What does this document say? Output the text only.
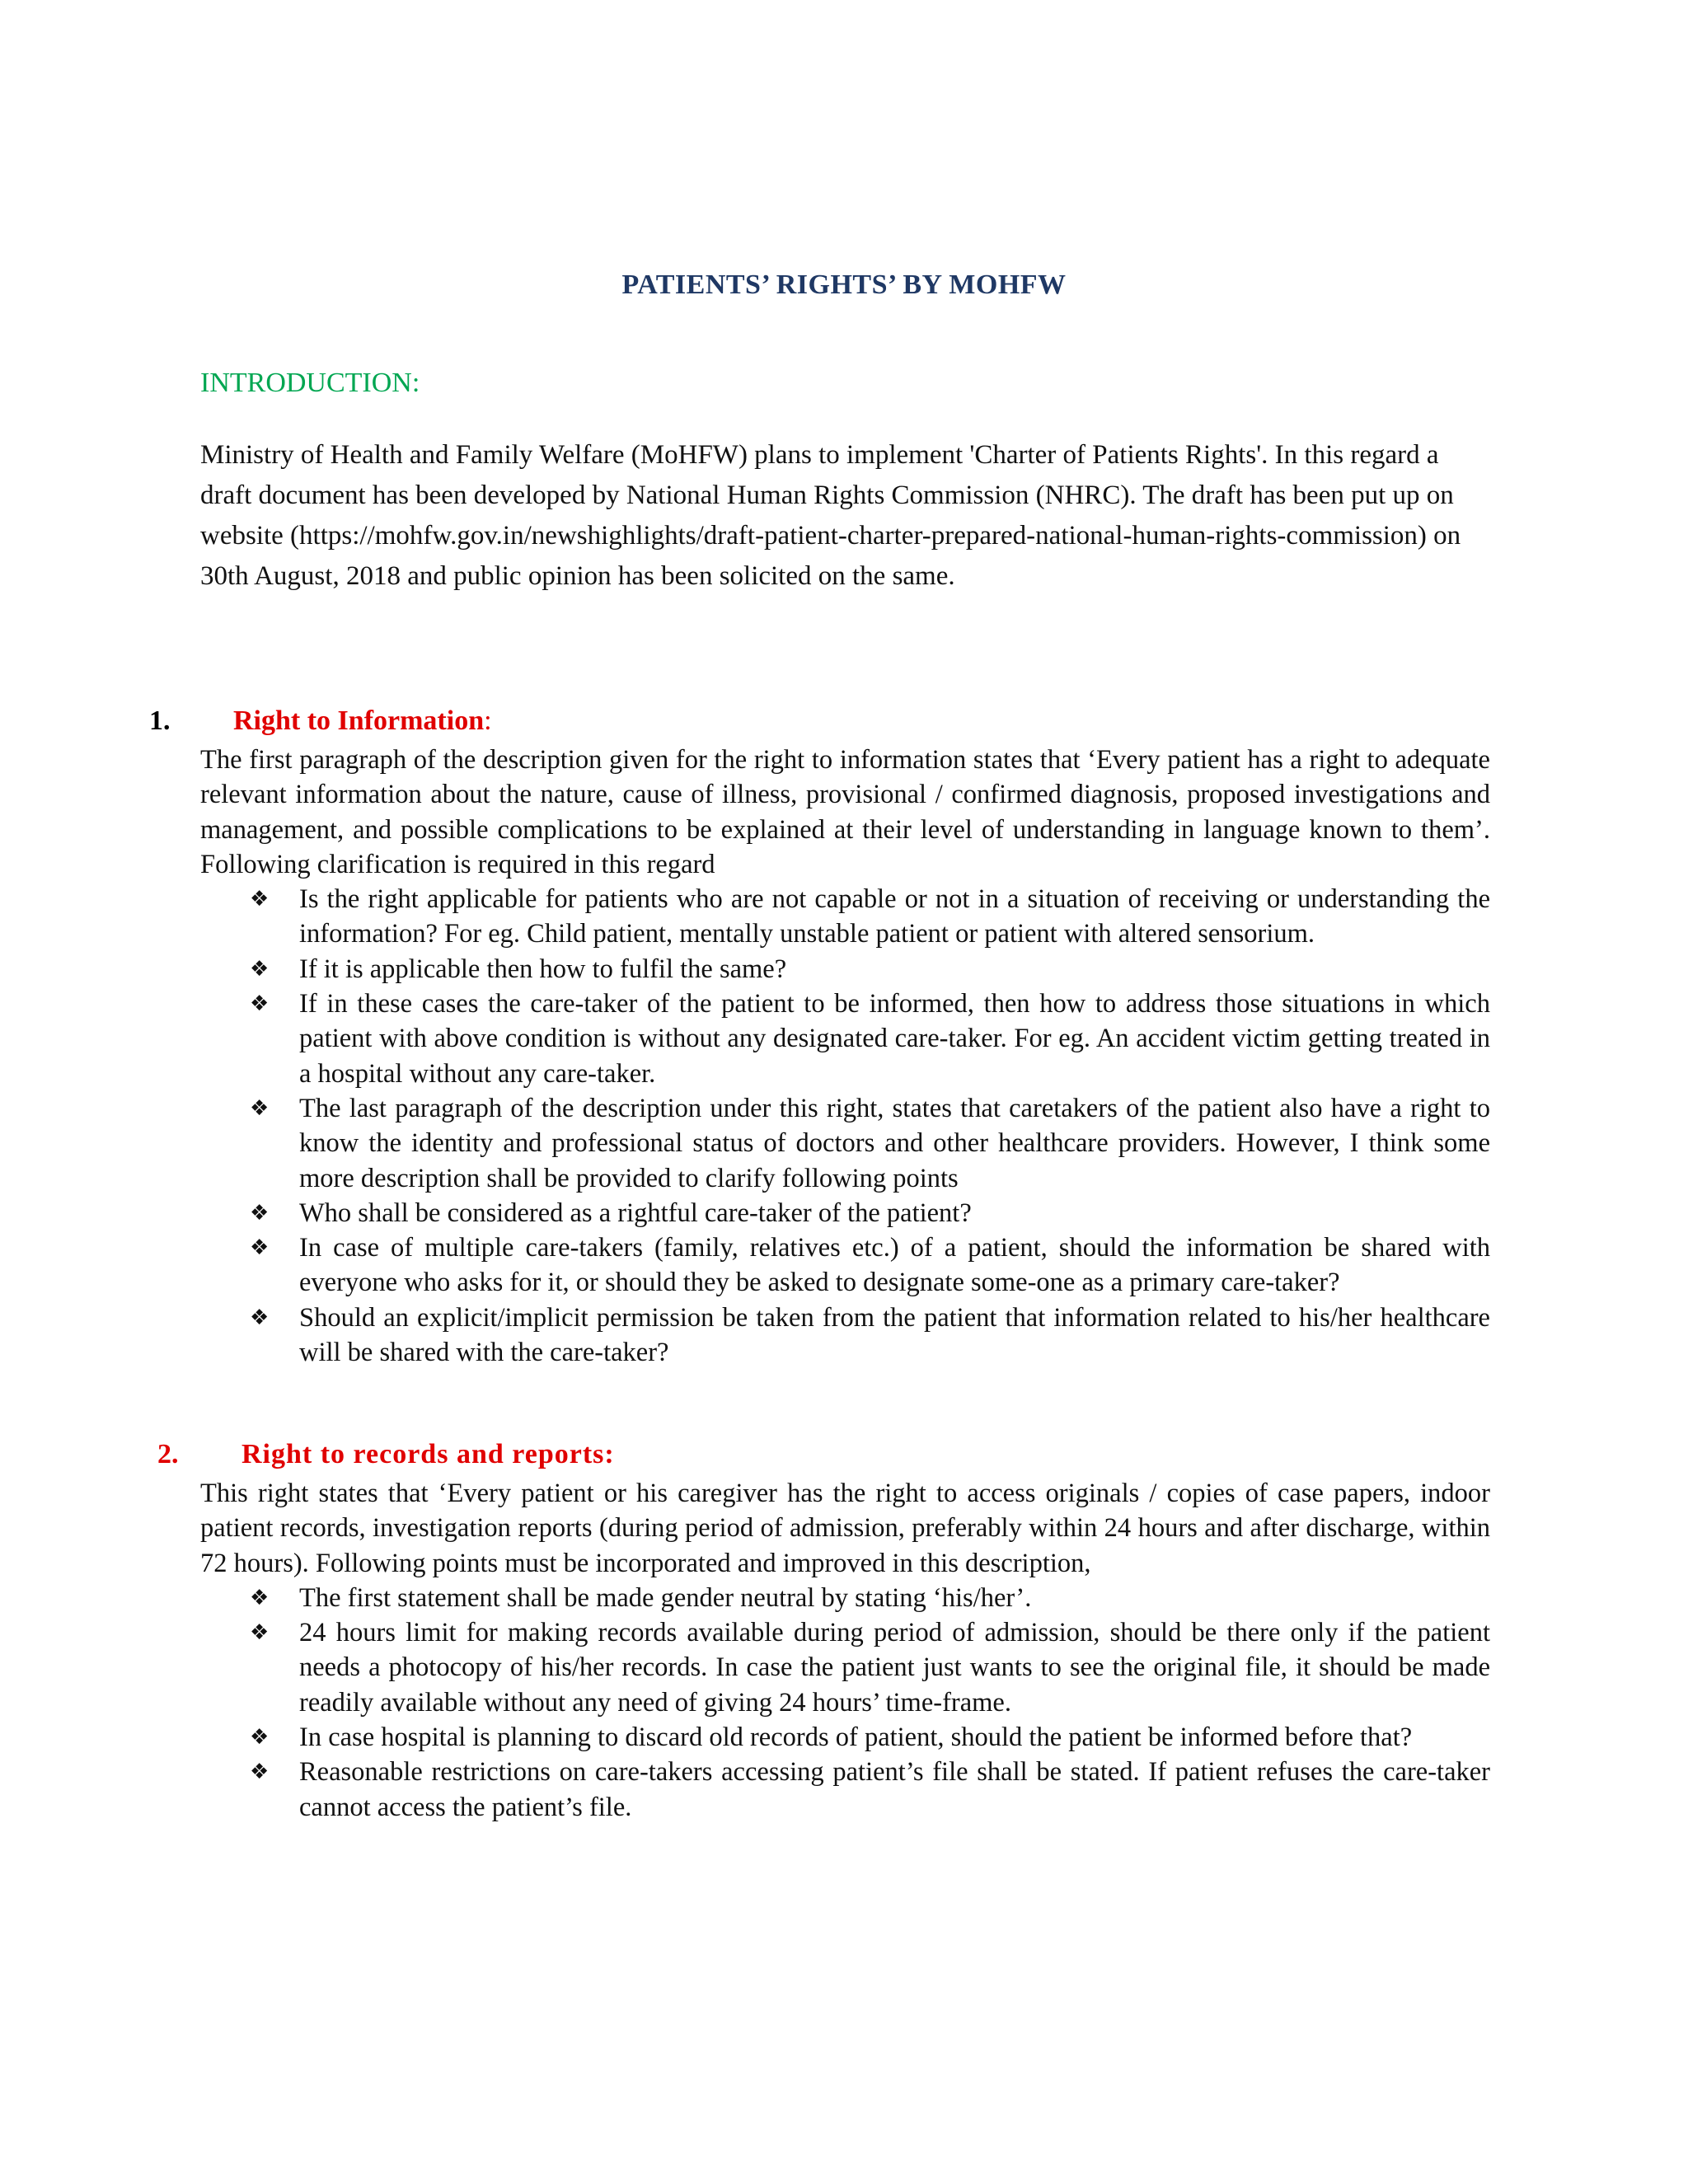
PATIENTS’ RIGHTS’ BY MOHFW
INTRODUCTION:

Ministry of Health and Family Welfare (MoHFW) plans to implement 'Charter of Patients Rights'. In this regard a draft document has been developed by National Human Rights Commission (NHRC). The draft has been put up on website (https://mohfw.gov.in/newshighlights/draft-patient-charter-prepared-national-human-rights-commission) on 30th August, 2018 and public opinion has been solicited on the same.

1. Right to Information:

The first paragraph of the description given for the right to information states that ‘Every patient has a right to adequate relevant information about the nature, cause of illness, provisional / confirmed diagnosis, proposed investigations and management, and possible complications to be explained at their level of understanding in language known to them’. Following clarification is required in this regard

❖ Is the right applicable for patients who are not capable or not in a situation of receiving or understanding the information? For eg. Child patient, mentally unstable patient or patient with altered sensorium.
❖ If it is applicable then how to fulfil the same?
❖ If in these cases the care-taker of the patient to be informed, then how to address those situations in which patient with above condition is without any designated care-taker. For eg. An accident victim getting treated in a hospital without any care-taker.
❖ The last paragraph of the description under this right, states that caretakers of the patient also have a right to know the identity and professional status of doctors and other healthcare providers. However, I think some more description shall be provided to clarify following points
❖ Who shall be considered as a rightful care-taker of the patient?
❖ In case of multiple care-takers (family, relatives etc.) of a patient, should the information be shared with everyone who asks for it, or should they be asked to designate some-one as a primary care-taker?
❖ Should an explicit/implicit permission be taken from the patient that information related to his/her healthcare will be shared with the care-taker?
2. Right to records and reports:

This right states that ‘Every patient or his caregiver has the right to access originals / copies of case papers, indoor patient records, investigation reports (during period of admission, preferably within 24 hours and after discharge, within 72 hours). Following points must be incorporated and improved in this description,

❖ The first statement shall be made gender neutral by stating ‘his/her’.
❖ 24 hours limit for making records available during period of admission, should be there only if the patient needs a photocopy of his/her records. In case the patient just wants to see the original file, it should be made readily available without any need of giving 24 hours’ time-frame.
❖ In case hospital is planning to discard old records of patient, should the patient be informed before that?
❖ Reasonable restrictions on care-takers accessing patient’s file shall be stated. If patient refuses the care-taker cannot access the patient’s file.
